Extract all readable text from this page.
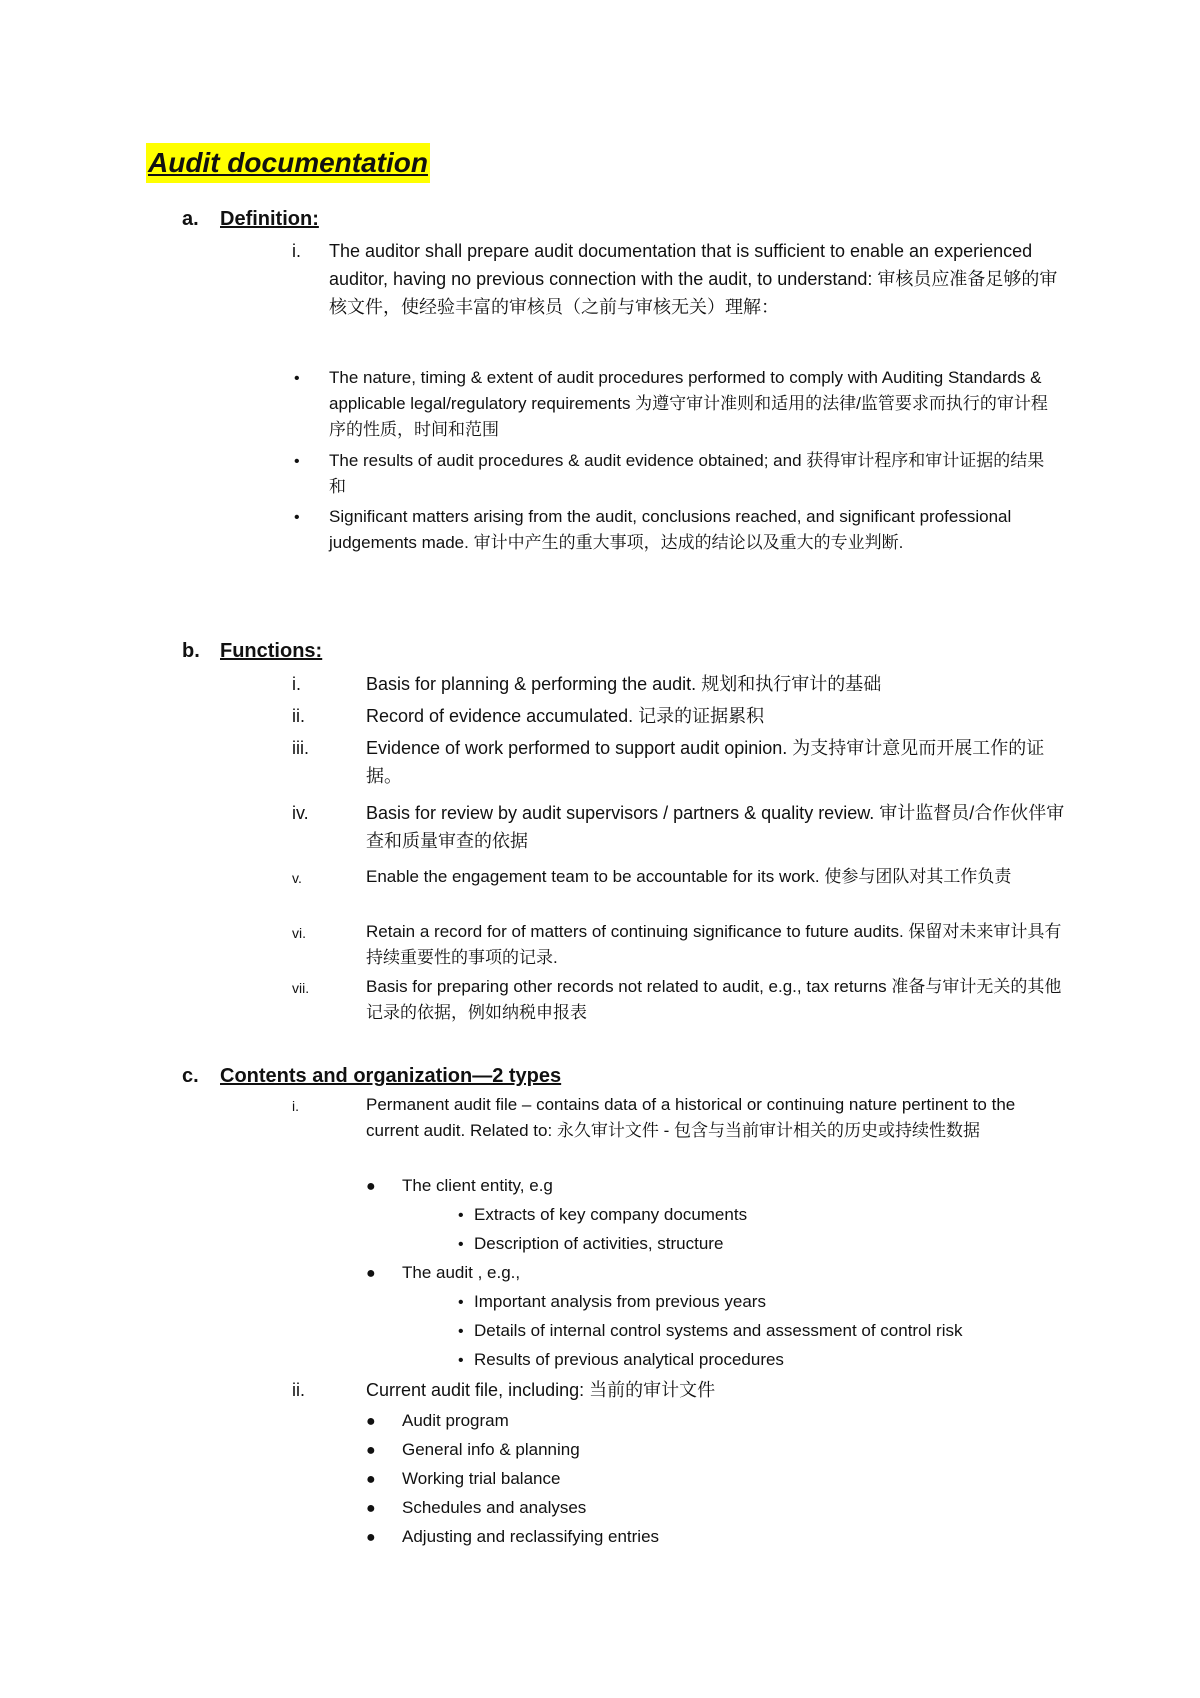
Audit documentation
a. Definition:
i.	The auditor shall prepare audit documentation that is sufficient to enable an experienced auditor, having no previous connection with the audit, to understand: 审核员应准备足够的审核文件，使经验丰富的审核员（之前与审核无关）理解：
•	The nature, timing & extent of audit procedures performed to comply with Auditing Standards & applicable legal/regulatory requirements 为遵守审计准则和适用的法律/监管要求而执行的审计程序的性质，时间和范围
•	The results of audit procedures & audit evidence obtained; and 获得审计程序和审计证据的结果和
•	Significant matters arising from the audit, conclusions reached, and significant professional judgements made. 审计中产生的重大事项，达成的结论以及重大的专业判断.
b. Functions:
i.	Basis for planning & performing the audit. 规划和执行审计的基础
ii.	Record of evidence accumulated. 记录的证据累积
iii.	Evidence of work performed to support audit opinion. 为支持审计意见而开展工作的证据。
iv.	Basis for review by audit supervisors / partners & quality review. 审计监督员/合作伙伴审查和质量审查的依据
v.	Enable the engagement team to be accountable for its work. 使参与团队对其工作负责
vi.	Retain a record for of matters of continuing significance to future audits. 保留对未来审计具有持续重要性的事项的记录.
vii.	Basis for preparing other records not related to audit, e.g., tax returns 准备与审计无关的其他记录的依据，例如纳税申报表
c. Contents and organization—2 types
i.	Permanent audit file – contains data of a historical or continuing nature pertinent to the current audit. Related to: 永久审计文件 - 包含与当前审计相关的历史或持续性数据
●	The client entity, e.g
• Extracts of key company documents
• Description of activities, structure
●	The audit , e.g.,
• Important analysis from previous years
• Details of internal control systems and assessment of control risk
• Results of previous analytical procedures
ii.	Current audit file, including: 当前的审计文件
●	Audit program
●	General info & planning
●	Working trial balance
●	Schedules and analyses
●	Adjusting and reclassifying entries
